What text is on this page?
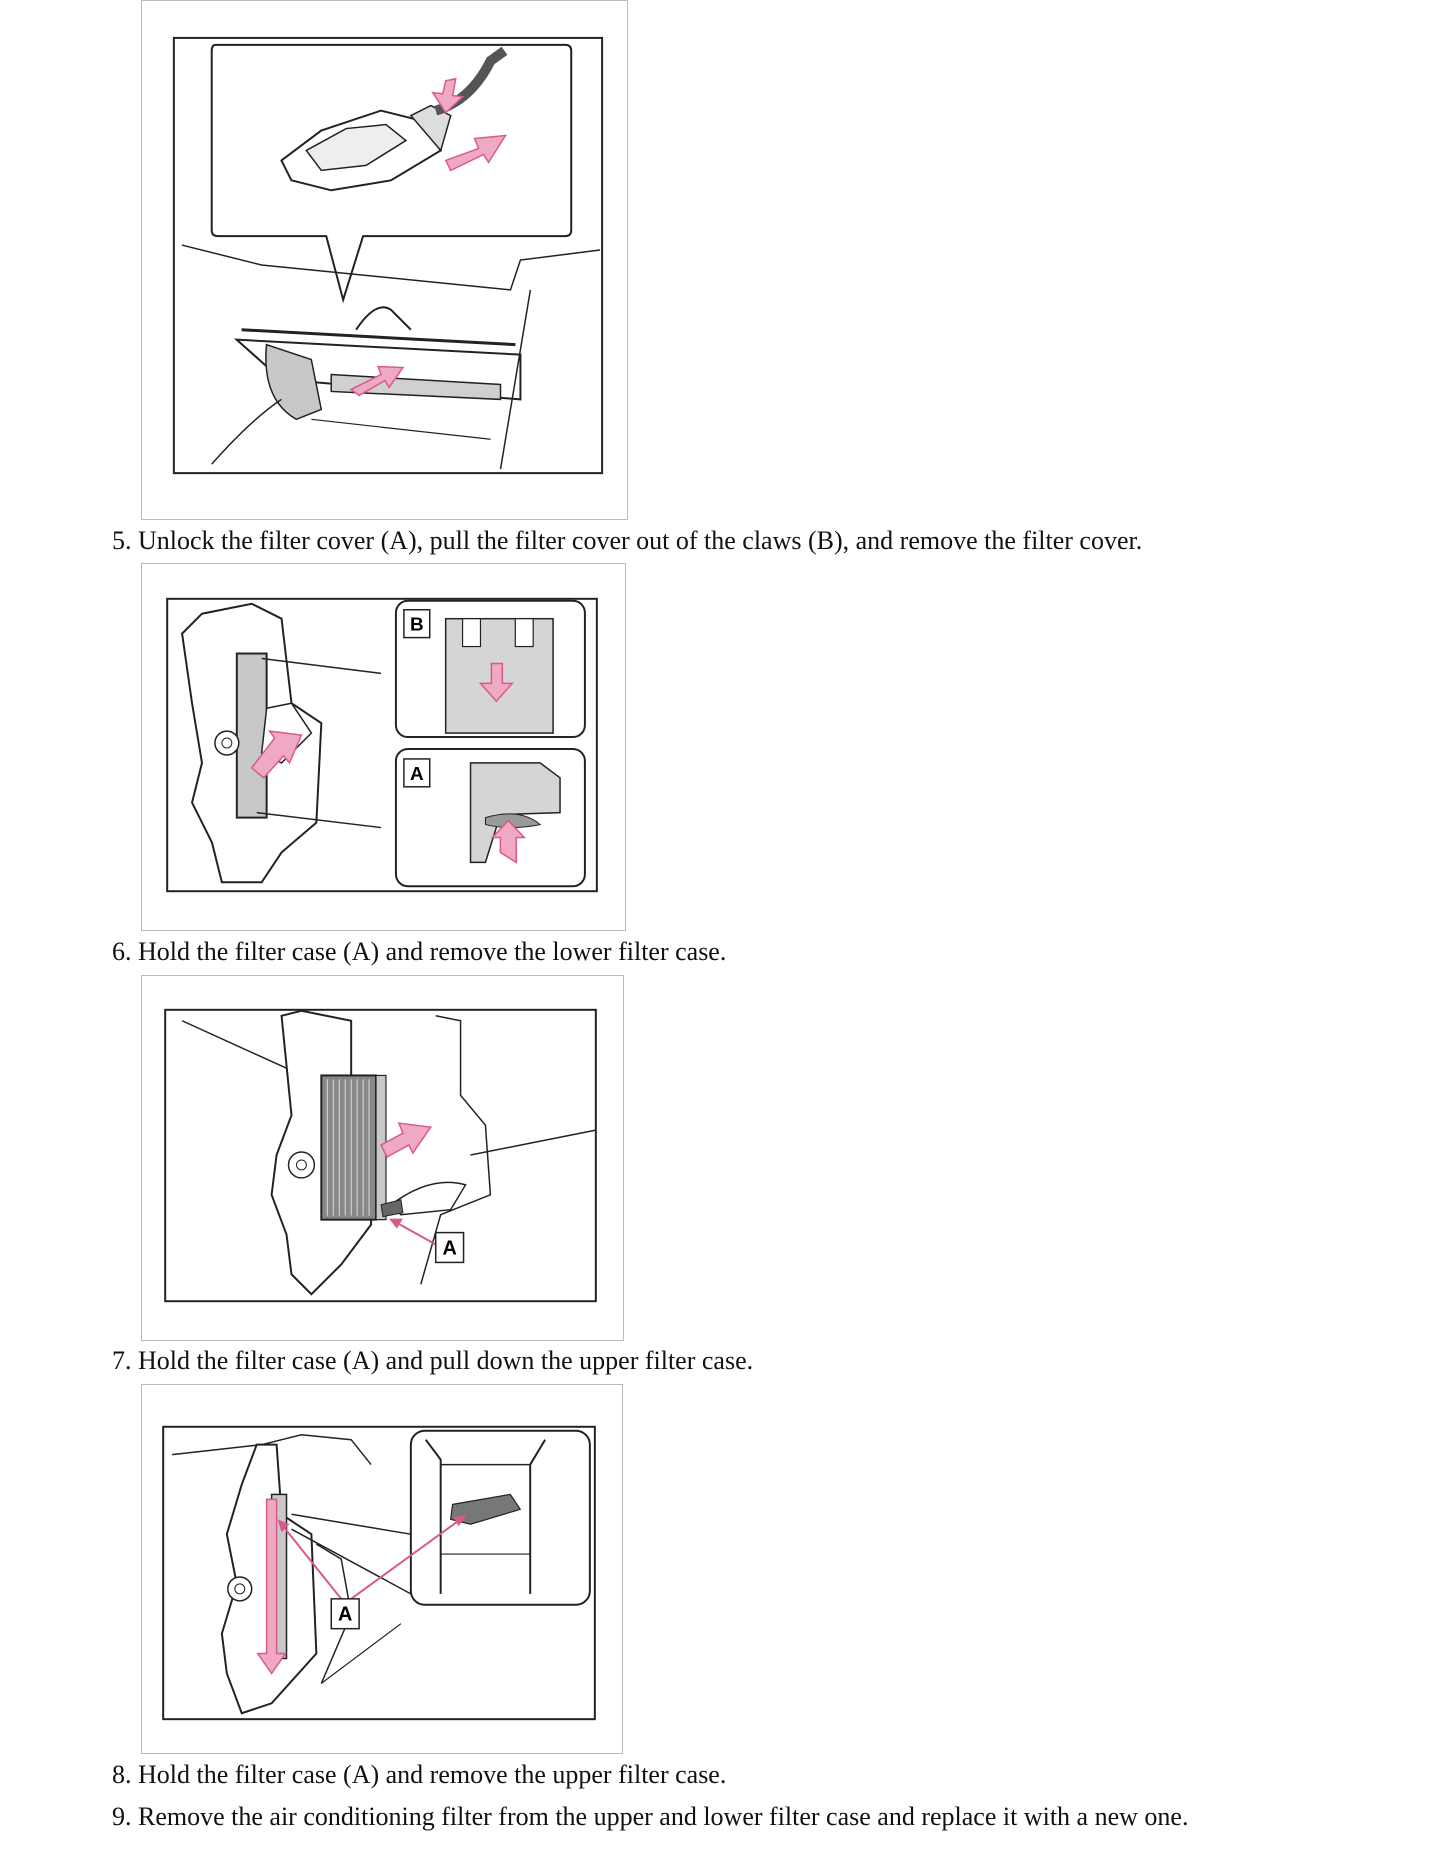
5. Unlock the filter cover (A), pull the filter cover out of the claws (B), and remove the filter cover.
B
A
6. Hold the filter case (A) and remove the lower filter case.
A
7. Hold the filter case (A) and pull down the upper filter case.
A
8. Hold the filter case (A) and remove the upper filter case.
9. Remove the air conditioning filter from the upper and lower filter case and replace it with a new one.
